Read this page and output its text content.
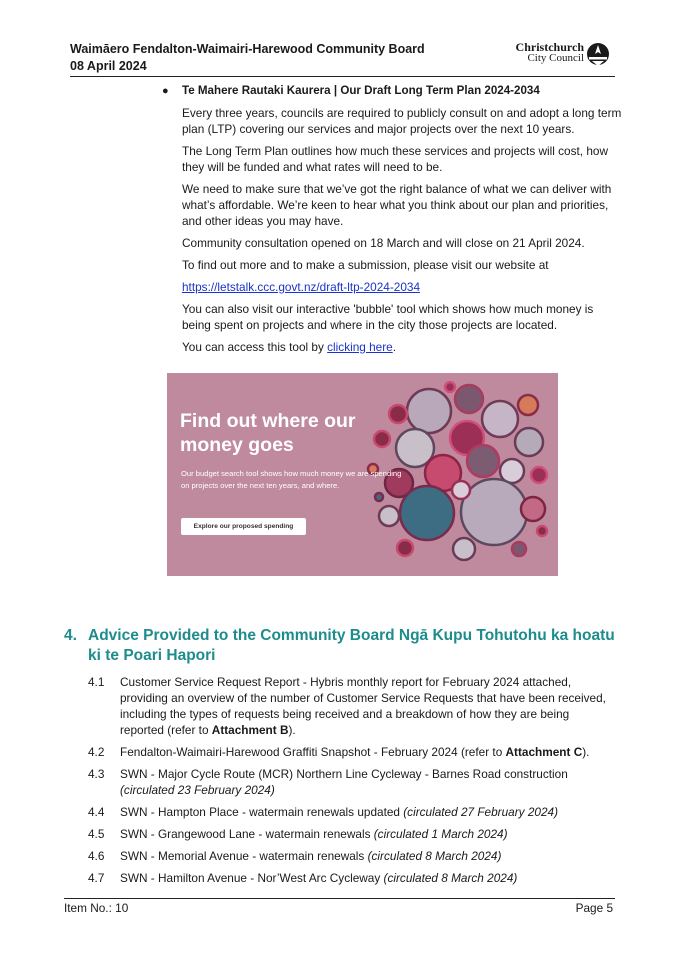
Waimāero Fendalton-Waimairi-Harewood Community Board
08 April 2024
Christchurch
City Council
● Te Mahere Rautaki Kaurera | Our Draft Long Term Plan 2024-2034
Every three years, councils are required to publicly consult on and adopt a long term plan (LTP) covering our services and major projects over the next 10 years.
The Long Term Plan outlines how much these services and projects will cost, how they will be funded and what rates will need to be.
We need to make sure that we’ve got the right balance of what we can deliver with what’s affordable. We’re keen to hear what you think about our plan and priorities, and other ideas you may have.
Community consultation opened on 18 March and will close on 21 April 2024.
To find out more and to make a submission, please visit our website at
https://letstalk.ccc.govt.nz/draft-ltp-2024-2034
You can also visit our interactive 'bubble' tool which shows how much money is being spent on projects and where in the city those projects are located.
You can access this tool by clicking here.
Find out where our money goes
Our budget search tool shows how much money we are spending on projects over the next ten years, and where.
Explore our proposed spending
4. Advice Provided to the Community Board Ngā Kupu Tohutohu ka hoatu ki te Poari Hapori
4.1 Customer Service Request Report - Hybris monthly report for February 2024 attached, providing an overview of the number of Customer Service Requests that have been received, including the types of requests being received and a breakdown of how they are being reported (refer to Attachment B).
4.2 Fendalton-Waimairi-Harewood Graffiti Snapshot - February 2024 (refer to Attachment C).
4.3 SWN - Major Cycle Route (MCR) Northern Line Cycleway - Barnes Road construction (circulated 23 February 2024)
4.4 SWN - Hampton Place - watermain renewals updated (circulated 27 February 2024)
4.5 SWN - Grangewood Lane - watermain renewals (circulated 1 March 2024)
4.6 SWN - Memorial Avenue - watermain renewals (circulated 8 March 2024)
4.7 SWN - Hamilton Avenue - Nor’West Arc Cycleway (circulated 8 March 2024)
Item No.: 10	Page 5
